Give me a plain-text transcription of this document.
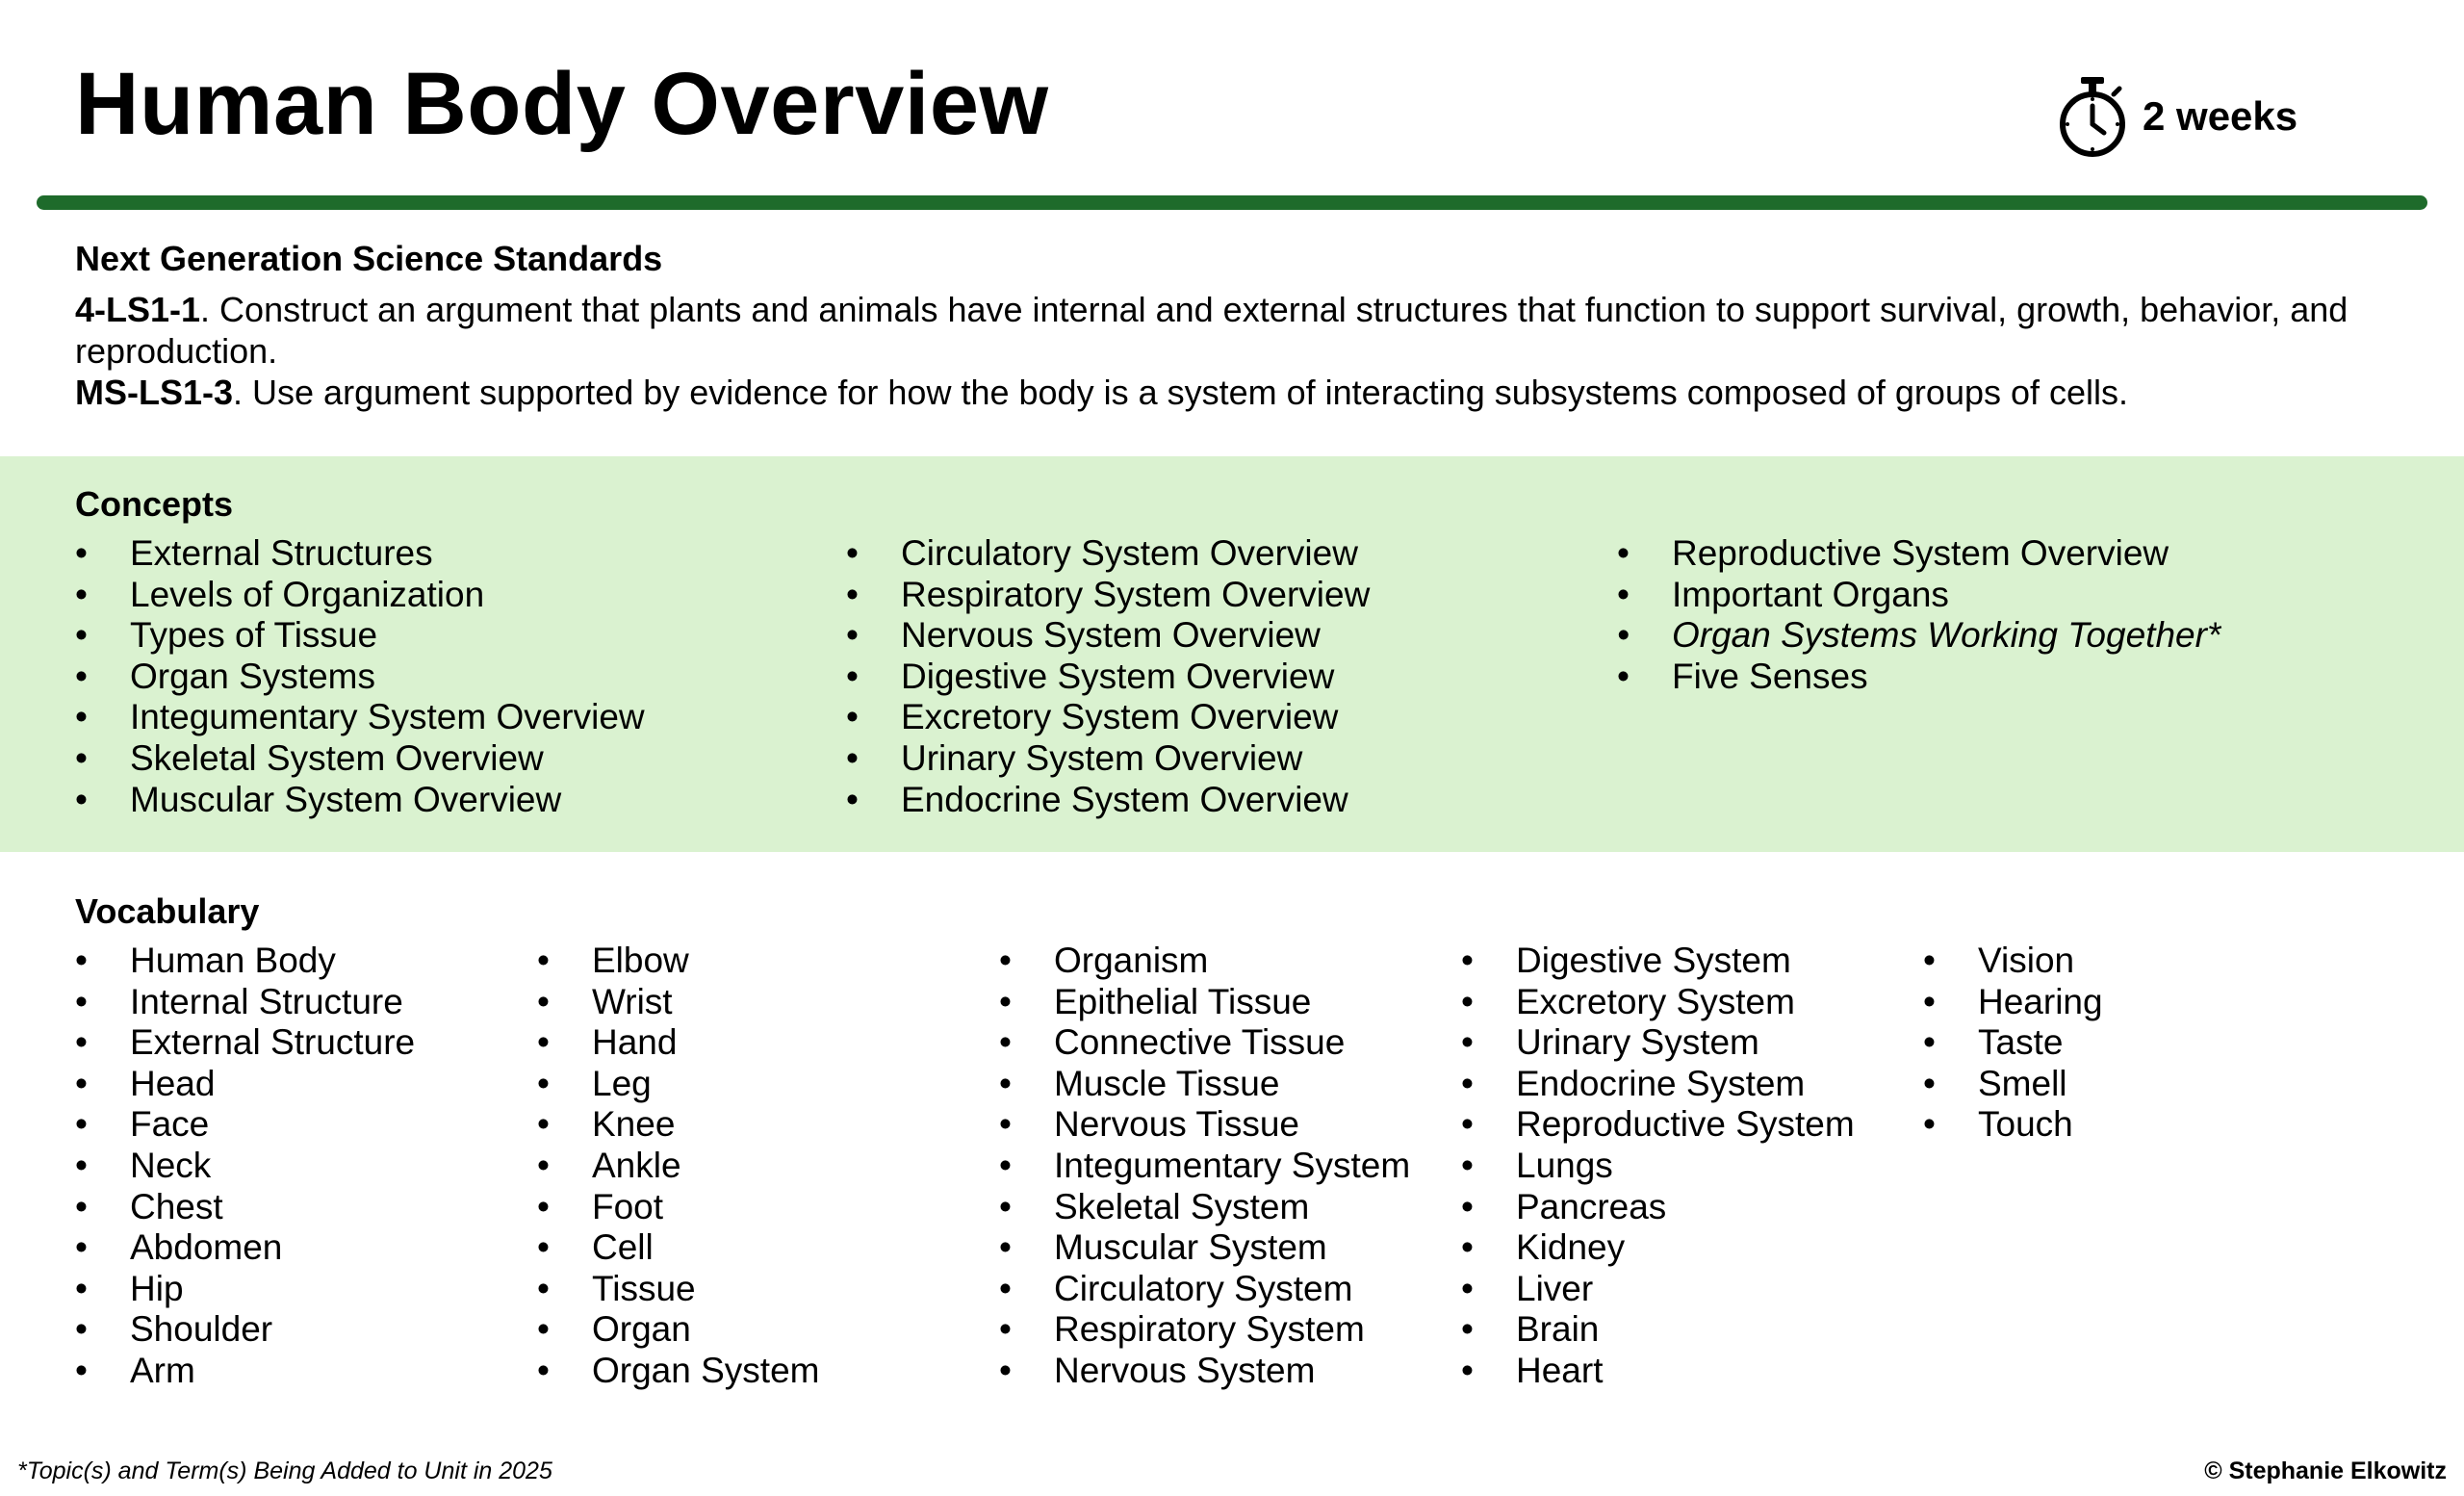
Human Body Overview	2 weeks
Next Generation Science Standards

4-LS1-1. Construct an argument that plants and animals have internal and external structures that function to support survival, growth, behavior, and reproduction.

MS-LS1-3. Use argument supported by evidence for how the body is a system of interacting subsystems composed of groups of cells.

Concepts
• External Structures
• Levels of Organization
• Types of Tissue
• Organ Systems
• Integumentary System Overview
• Skeletal System Overview
• Muscular System Overview
• Circulatory System Overview
• Respiratory System Overview
• Nervous System Overview
• Digestive System Overview
• Excretory System Overview
• Urinary System Overview
• Endocrine System Overview
• Reproductive System Overview
• Important Organs
• Organ Systems Working Together*
• Five Senses
Vocabulary
• Human Body
• Internal Structure
• External Structure
• Head
• Face
• Neck
• Chest
• Abdomen
• Hip
• Shoulder
• Arm
• Elbow
• Wrist
• Hand
• Leg
• Knee
• Ankle
• Foot
• Cell
• Tissue
• Organ
• Organ System
• Organism
• Epithelial Tissue
• Connective Tissue
• Muscle Tissue
• Nervous Tissue
• Integumentary System
• Skeletal System
• Muscular System
• Circulatory System
• Respiratory System
• Nervous System
• Digestive System
• Excretory System
• Urinary System
• Endocrine System
• Reproductive System
• Lungs
• Pancreas
• Kidney
• Liver
• Brain
• Heart
• Vision
• Hearing
• Taste
• Smell
• Touch
*Topic(s) and Term(s) Being Added to Unit in 2025	© Stephanie Elkowitz
